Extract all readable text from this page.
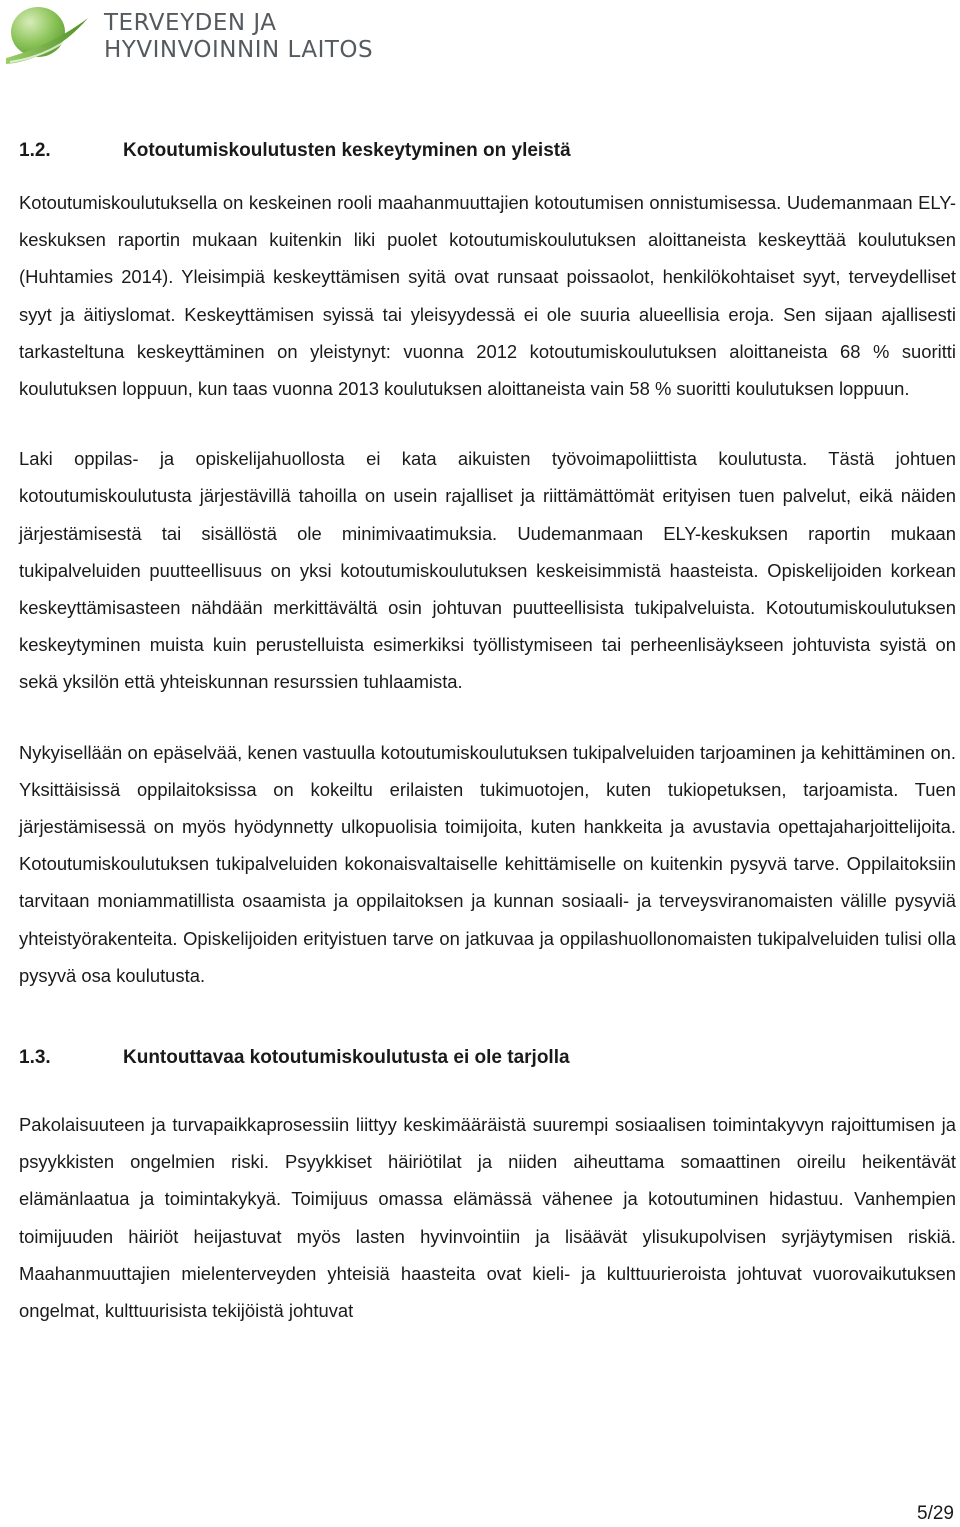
TERVEYDEN JA
HYVINVOINNIN LAITOS
1.2.	Kotoutumiskoulutusten keskeytyminen on yleistä

Kotoutumiskoulutuksella on keskeinen rooli maahanmuuttajien kotoutumisen onnistumisessa. Uudemanmaan ELY-keskuksen raportin mukaan kuitenkin liki puolet kotoutumiskoulutuksen aloittaneista keskeyttää koulutuksen (Huhtamies 2014). Yleisimpiä keskeyttämisen syitä ovat runsaat poissaolot, henkilökohtaiset syyt, terveydelliset syyt ja äitiyslomat. Keskeyttämisen syissä tai yleisyydessä ei ole suuria alueellisia eroja. Sen sijaan ajallisesti tarkasteltuna keskeyttäminen on yleistynyt: vuonna 2012 kotoutumiskoulutuksen aloittaneista 68 % suoritti koulutuksen loppuun, kun taas vuonna 2013 koulutuksen aloittaneista vain 58 % suoritti koulutuksen loppuun.

Laki oppilas- ja opiskelijahuollosta ei kata aikuisten työvoimapoliittista koulutusta. Tästä johtuen kotoutumiskoulutusta järjestävillä tahoilla on usein rajalliset ja riittämättömät erityisen tuen palvelut, eikä näiden järjestämisestä tai sisällöstä ole minimivaatimuksia. Uudemanmaan ELY-keskuksen raportin mukaan tukipalveluiden puutteellisuus on yksi kotoutumiskoulutuksen keskeisimmistä haasteista. Opiskelijoiden korkean keskeyttämisasteen nähdään merkittävältä osin johtuvan puutteellisista tukipalveluista. Kotoutumiskoulutuksen keskeytyminen muista kuin perustelluista esimerkiksi työllistymiseen tai perheenlisäykseen johtuvista syistä on sekä yksilön että yhteiskunnan resurssien tuhlaamista.

Nykyisellään on epäselvää, kenen vastuulla kotoutumiskoulutuksen tukipalveluiden tarjoaminen ja kehittäminen on. Yksittäisissä oppilaitoksissa on kokeiltu erilaisten tukimuotojen, kuten tukiopetuksen, tarjoamista. Tuen järjestämisessä on myös hyödynnetty ulkopuolisia toimijoita, kuten hankkeita ja avustavia opettajaharjoittelijoita. Kotoutumiskoulutuksen tukipalveluiden kokonaisvaltaiselle kehittämiselle on kuitenkin pysyvä tarve. Oppilaitoksiin tarvitaan moniammatillista osaamista ja oppilaitoksen ja kunnan sosiaali- ja terveysviranomaisten välille pysyviä yhteistyörakenteita. Opiskelijoiden erityistuen tarve on jatkuvaa ja oppilashuollonomaisten tukipalveluiden tulisi olla pysyvä osa koulutusta.

1.3.	Kuntouttavaa kotoutumiskoulutusta ei ole tarjolla

Pakolaisuuteen ja turvapaikkaprosessiin liittyy keskimääräistä suurempi sosiaalisen toimintakyvyn rajoittumisen ja psyykkisten ongelmien riski. Psyykkiset häiriötilat ja niiden aiheuttama somaattinen oireilu heikentävät elämänlaatua ja toimintakykyä. Toimijuus omassa elämässä vähenee ja kotoutuminen hidastuu. Vanhempien toimijuuden häiriöt heijastuvat myös lasten hyvinvointiin ja lisäävät ylisukupolvisen syrjäytymisen riskiä. Maahanmuuttajien mielenterveyden yhteisiä haasteita ovat kieli- ja kulttuurieroista johtuvat vuorovaikutuksen ongelmat, kulttuurisista tekijöistä johtuvat

5/29
